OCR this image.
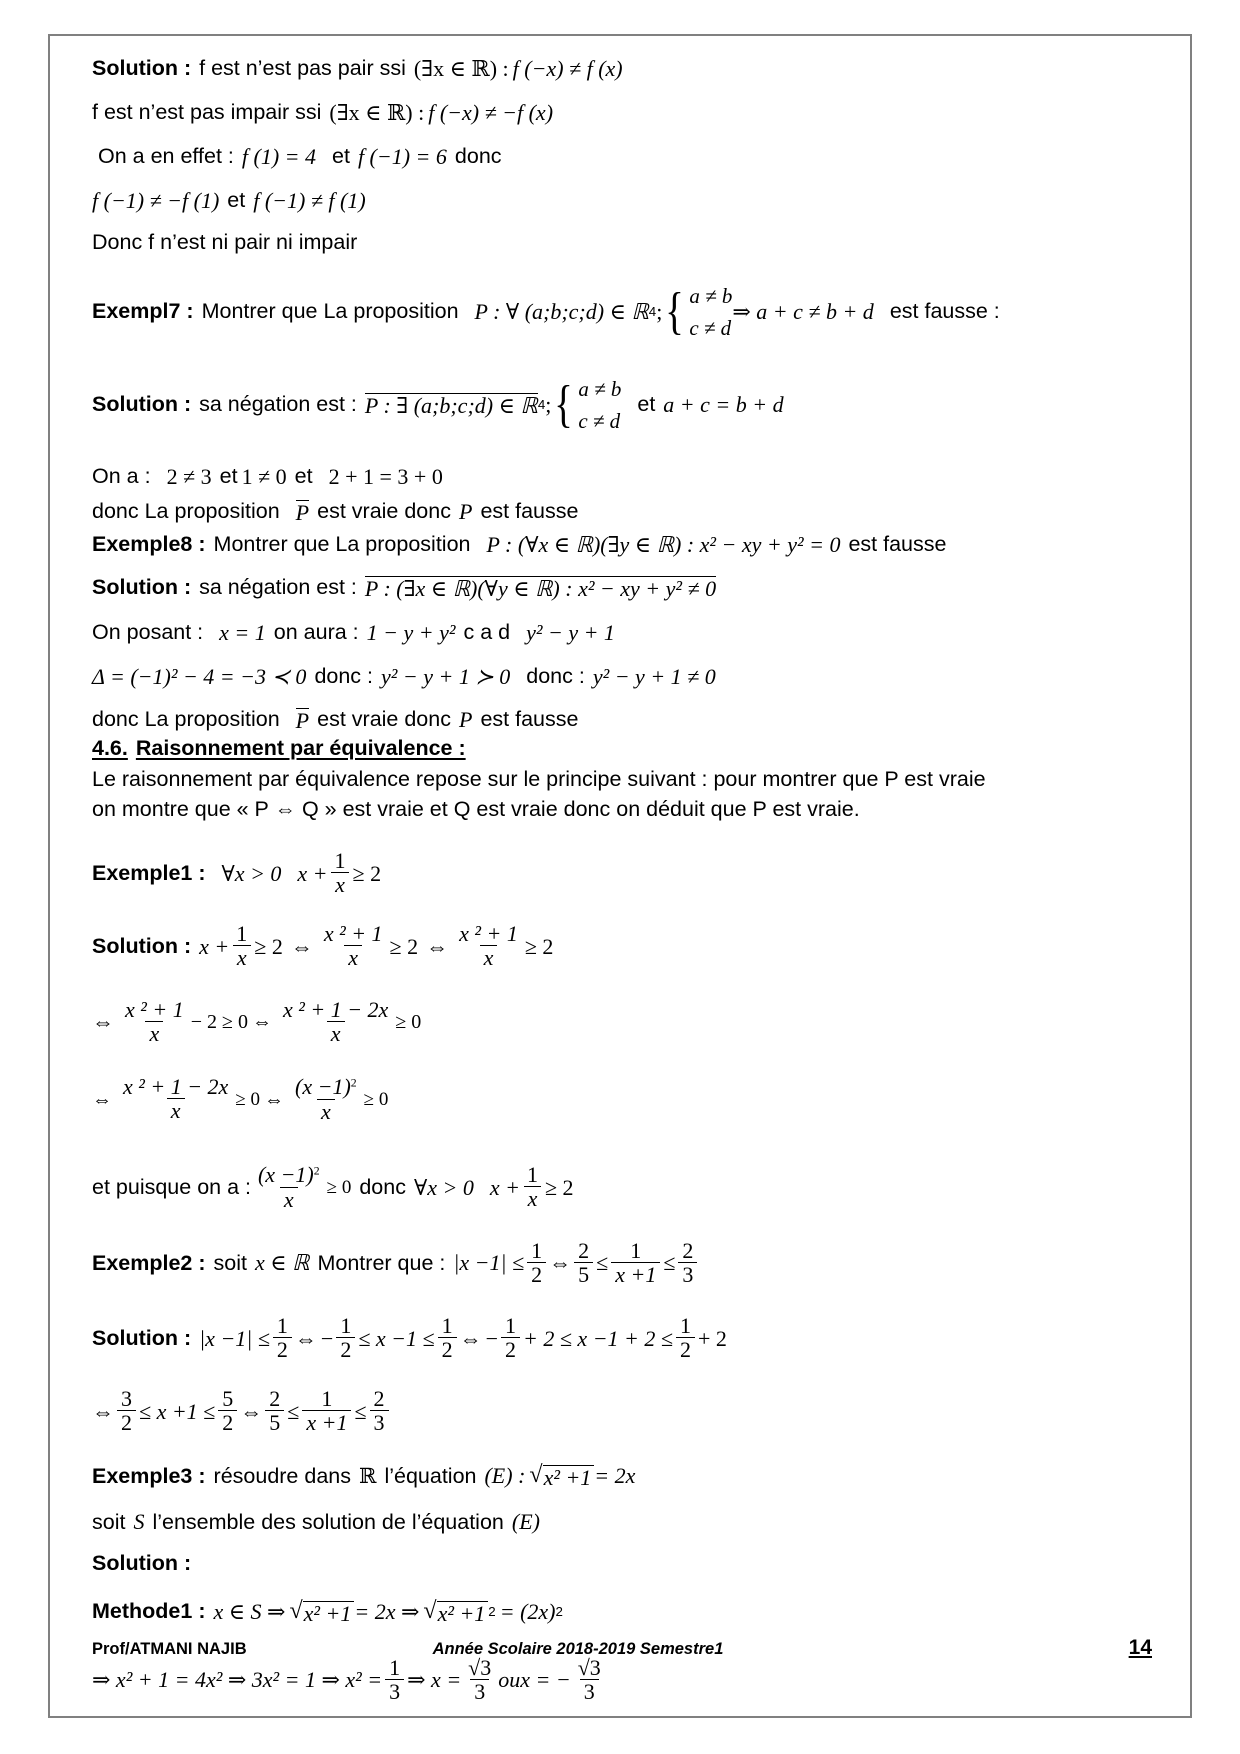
Solution : f est n’est pas pair ssi (∃x ∈ ℝ) : f (−x) ≠ f (x)
f est n’est pas impair ssi (∃x ∈ ℝ) : f (−x) ≠ −f (x)
On a en effet : f (1) = 4 et f (−1) = 6 donc
f (−1) ≠ −f (1) et f (−1) ≠ f (1)
Donc f n’est ni pair ni impair
Exempl7 : Montrer que La proposition P : ∀ (a;b;c;d) ∈ ℝ 4 ; { a ≠ b
c ≠ d
⇒ a + c ≠ b + d est fausse :
Solution : sa négation est : P : ∃ (a;b;c;d) ∈ ℝ 4 ; { a ≠ b
c ≠ d
et a + c = b + d
On a : 2 ≠ 3 et 1 ≠ 0 et 2 + 1 = 3 + 0
donc La proposition P est vraie donc P est fausse
Exemple8 : Montrer que La proposition P : (∀x ∈ ℝ)(∃y ∈ ℝ) : x² − xy + y² = 0 est fausse
Solution : sa négation est : P : (∃x ∈ ℝ)(∀y ∈ ℝ) : x² − xy + y² ≠ 0
On posant : x = 1 on aura : 1 − y + y² c a d y² − y + 1
Δ = (−1)² − 4 = −3 ≺ 0 donc : y² − y + 1 ≻ 0 donc : y² − y + 1 ≠ 0
donc La proposition P est vraie donc P est fausse
4.6. Raisonnement par équivalence :
Le raisonnement par équivalence repose sur le principe suivant : pour montrer que P est vraie
on montre que « P ⇔ Q » est vraie et Q est vraie donc on déduit que P est vraie.
Exemple1 : ∀x > 0 $x + \frac{1}{x} \ge 2$
Solution : $x + \frac{1}{x} \ge 2$ ⇔ $\frac{\text{x ² + 1}}{x} \ge 2$ ⇔ $\frac{\text{x ² + 1}}{x} \ge 2$
⇔ $\frac{\text{x ² + 1}}{x} - 2 \ge 0$ ⇔ $\frac{\text{x ² + 1 − 2x}}{x} \ge 0$
⇔ $\frac{\text{x ² + 1 − 2x}}{x} \ge 0$ ⇔ $\frac{(x -1)^2}{x} \ge 0$
et puisque on a : $\frac{(x -1)^2}{x} \ge 0$ donc ∀x > 0 $x + \frac{1}{x} \ge 2$
Exemple2 : soit x ∈ ℝ Montrer que : $|x -1| \le \frac{1}{2}$ ⇔ $\frac{2}{5} \le \frac{1}{x +1} \le \frac{2}{3}$
Solution : $|x -1| \le \frac{1}{2}$ ⇔ − $\frac{1}{2} \le x -1 \le \frac{1}{2}$ ⇔ − $\frac{1}{2} + 2 \le x -1 + 2 \le \frac{1}{2} + 2$
⇔ $\frac{3}{2} \le x +1 \le \frac{5}{2}$ ⇔ $\frac{2}{5} \le \frac{1}{x +1} \le \frac{2}{3}$
Exemple3 : résoudre dans ℝ l’équation (E) : √ x² +1 = 2x
soit S l’ensemble des solution de l’équation (E)
Solution :
Methode1 : x ∈ S ⇒ √ x² +1 = 2x ⇒ √ x² +1 2 = (2x) 2
⇒ x² + 1 = 4x² ⇒ 3x² = 1 ⇒ $x^2 = \frac{1}{3}$ ⇒ $x = \frac{√3}{3}$ ou x = − $\frac{√3}{3}$
Prof/ATMANI NAJIB	Année Scolaire 2018-2019 Semestre1	14
